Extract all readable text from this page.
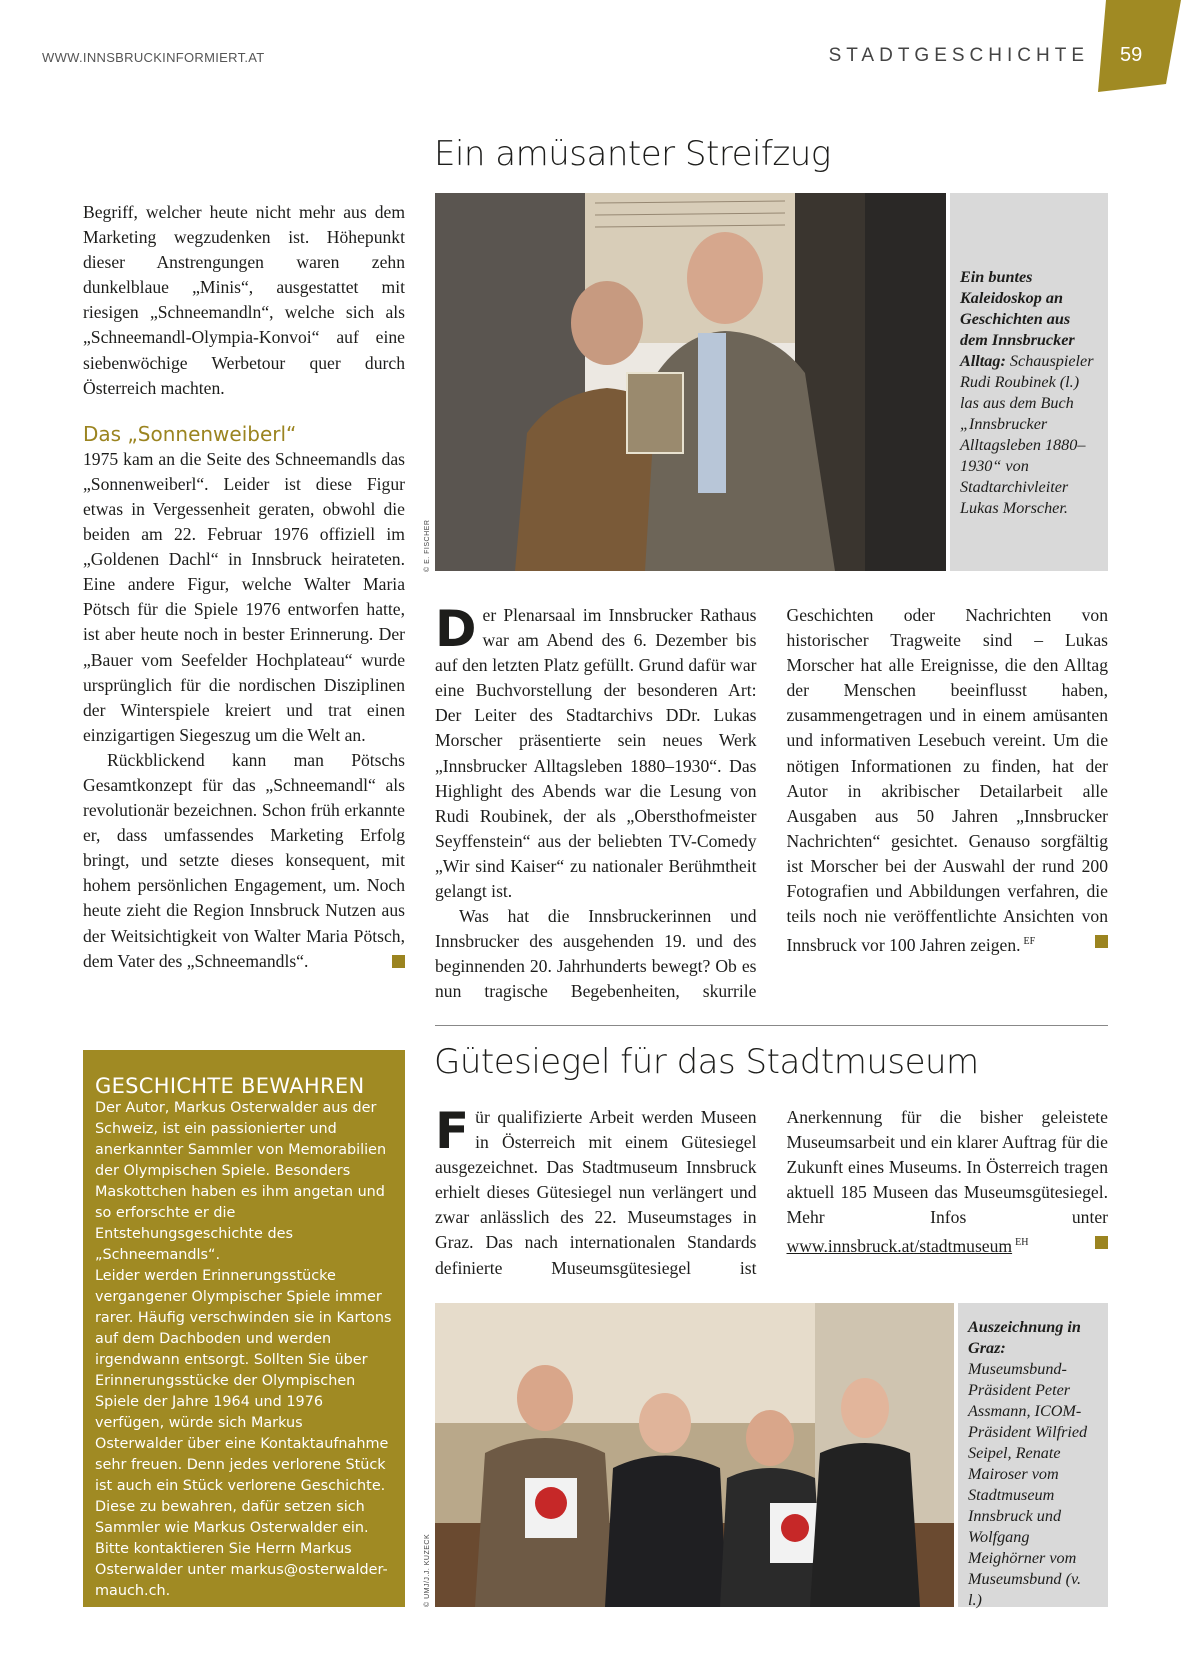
WWW.INNSBRUCKINFORMIERT.AT	STADTGESCHICHTE 59

Begriff, welcher heute nicht mehr aus dem Marketing wegzudenken ist. Höhepunkt dieser Anstrengungen waren zehn dunkelblaue „Minis“, ausgestattet mit riesigen „Schneemandln“, welche sich als „Schneemandl-Olympia-Konvoi“ auf eine siebenwöchige Werbetour quer durch Österreich machten.

Das „Sonnenweiberl“

1975 kam an die Seite des Schneemandls das „Sonnenweiberl“. Leider ist diese Figur etwas in Vergessenheit geraten, obwohl die beiden am 22. Februar 1976 offiziell im „Goldenen Dachl“ in Innsbruck heirateten. Eine andere Figur, welche Walter Maria Pötsch für die Spiele 1976 entworfen hatte, ist aber heute noch in bester Erinnerung. Der „Bauer vom Seefelder Hochplateau“ wurde ursprünglich für die nordischen Disziplinen der Winterspiele kreiert und trat einen einzigartigen Siegeszug um die Welt an.

Rückblickend kann man Pötschs Gesamtkonzept für das „Schneemandl“ als revolutionär bezeichnen. Schon früh erkannte er, dass umfassendes Marketing Erfolg bringt, und setzte dieses konsequent, mit hohem persönlichen Engagement, um. Noch heute zieht die Region Innsbruck Nutzen aus der Weitsichtigkeit von Walter Maria Pötsch, dem Vater des „Schneemandls“.

GESCHICHTE BEWAHREN

Der Autor, Markus Osterwalder aus der Schweiz, ist ein passionierter und anerkannter Sammler von Memorabilien der Olympischen Spiele. Besonders Maskottchen haben es ihm angetan und so erforschte er die Entstehungsgeschichte des „Schneemandls“.

Leider werden Erinnerungsstücke vergangener Olympischer Spiele immer rarer. Häufig verschwinden sie in Kartons auf dem Dachboden und werden irgendwann entsorgt. Sollten Sie über Erinnerungsstücke der Olympischen Spiele der Jahre 1964 und 1976 verfügen, würde sich Markus Osterwalder über eine Kontaktaufnahme sehr freuen. Denn jedes verlorene Stück ist auch ein Stück verlorene Geschichte. Diese zu bewahren, dafür setzen sich Sammler wie Markus Osterwalder ein.

Bitte kontaktieren Sie Herrn Markus Osterwalder unter markus@osterwalder-mauch.ch.

Ein amüsanter Streifzug
© E. FISCHER
Ein buntes Kaleidoskop an Geschichten aus dem Innsbrucker Alltag: Schauspieler Rudi Roubinek (l.) las aus dem Buch „Innsbrucker Alltagsleben 1880–1930“ von Stadtarchivleiter Lukas Morscher.

Der Plenarsaal im Innsbrucker Rathaus war am Abend des 6. Dezember bis auf den letzten Platz gefüllt. Grund dafür war eine Buchvorstellung der besonderen Art: Der Leiter des Stadtarchivs DDr. Lukas Morscher präsentierte sein neues Werk „Innsbrucker Alltagsleben 1880–1930“. Das Highlight des Abends war die Lesung von Rudi Roubinek, der als „Obersthofmeister Seyffenstein“ aus der beliebten TV-Comedy „Wir sind Kaiser“ zu nationaler Berühmtheit gelangt ist.

Was hat die Innsbruckerinnen und Innsbrucker des ausgehenden 19. und des beginnenden 20. Jahrhunderts bewegt? Ob es nun tragische Begebenheiten, skurrile Geschichten oder Nachrichten von historischer Tragweite sind – Lukas Morscher hat alle Ereignisse, die den Alltag der Menschen beeinflusst haben, zusammengetragen und in einem amüsanten und informativen Lesebuch vereint. Um die nötigen Informationen zu finden, hat der Autor in akribischer Detailarbeit alle Ausgaben aus 50 Jahren „Innsbrucker Nachrichten“ gesichtet. Genauso sorgfältig ist Morscher bei der Auswahl der rund 200 Fotografien und Abbildungen verfahren, die teils noch nie veröffentlichte Ansichten von Innsbruck vor 100 Jahren zeigen. $^{EF}$

Gütesiegel für das Stadtmuseum

Für qualifizierte Arbeit werden Museen in Österreich mit einem Gütesiegel ausgezeichnet. Das Stadtmuseum Innsbruck erhielt dieses Gütesiegel nun verlängert und zwar anlässlich des 22. Museumstages in Graz. Das nach internationalen Standards definierte Museumsgütesiegel ist Anerkennung für die bisher geleistete Museumsarbeit und ein klarer Auftrag für die Zukunft eines Museums. In Österreich tragen aktuell 185 Museen das Museumsgütesiegel. Mehr Infos unter www.innsbruck.at/stadtmuseum $^{EH}$

© UMJ/J.J. KUZECK
Auszeichnung in Graz: Museumsbund-Präsident Peter Assmann, ICOM-Präsident Wilfried Seipel, Renate Mairoser vom Stadtmuseum Innsbruck und Wolfgang Meighörner vom Museumsbund (v. l.)
